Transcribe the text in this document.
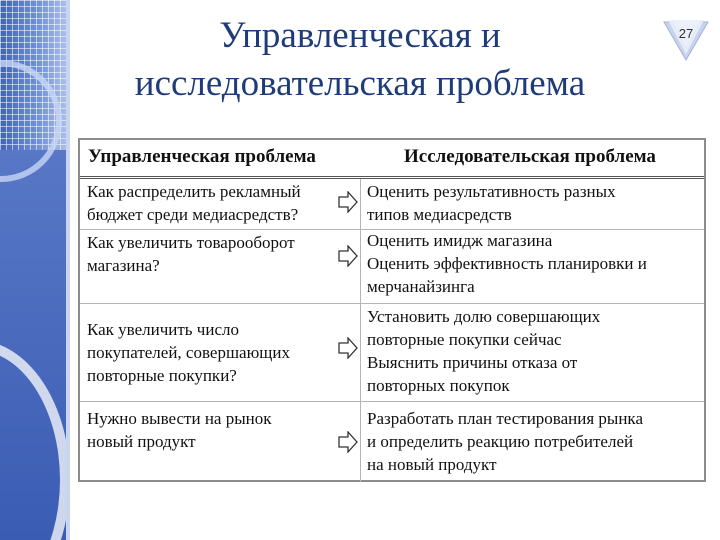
Управленческая и
исследовательская проблема
27
Управленческая проблема	Исследовательская проблема
Как распределить рекламный
бюджет среди медиасредств?
Оценить результативность разных
типов медиасредств
Как увеличить товарооборот
магазина?
Оценить имидж магазина
Оценить эффективность планировки и
мерчанайзинга
Как увеличить число
покупателей, совершающих
повторные покупки?
Установить долю совершающих
повторные покупки сейчас
Выяснить причины отказа от
повторных покупок
Нужно вывести на рынок
новый продукт
Разработать план тестирования рынка
и определить реакцию потребителей
на новый продукт
